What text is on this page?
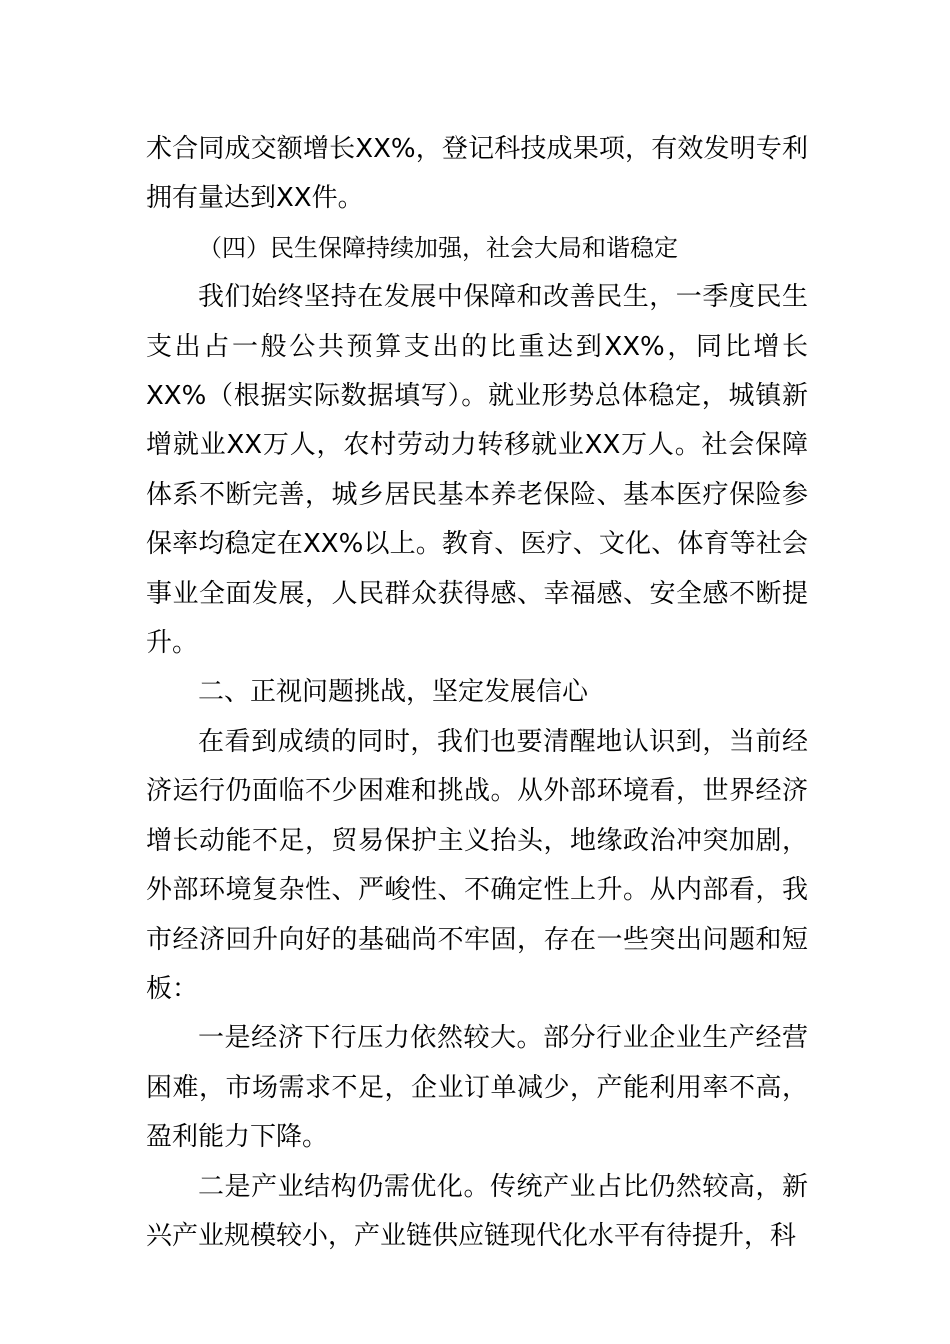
术合同成交额增长XX%，登记科技成果项，有效发明专利拥有量达到XX件。

（四）民生保障持续加强，社会大局和谐稳定

我们始终坚持在发展中保障和改善民生，一季度民生支出占一般公共预算支出的比重达到XX%，同比增长XX%（根据实际数据填写）。就业形势总体稳定，城镇新增就业XX万人，农村劳动力转移就业XX万人。社会保障体系不断完善，城乡居民基本养老保险、基本医疗保险参保率均稳定在XX%以上。教育、医疗、文化、体育等社会事业全面发展，人民群众获得感、幸福感、安全感不断提升。

二、正视问题挑战，坚定发展信心

在看到成绩的同时，我们也要清醒地认识到，当前经济运行仍面临不少困难和挑战。从外部环境看，世界经济增长动能不足，贸易保护主义抬头，地缘政治冲突加剧，外部环境复杂性、严峻性、不确定性上升。从内部看，我市经济回升向好的基础尚不牢固，存在一些突出问题和短板：

一是经济下行压力依然较大。部分行业企业生产经营困难，市场需求不足，企业订单减少，产能利用率不高，盈利能力下降。

二是产业结构仍需优化。传统产业占比仍然较高，新兴产业规模较小，产业链供应链现代化水平有待提升，科
